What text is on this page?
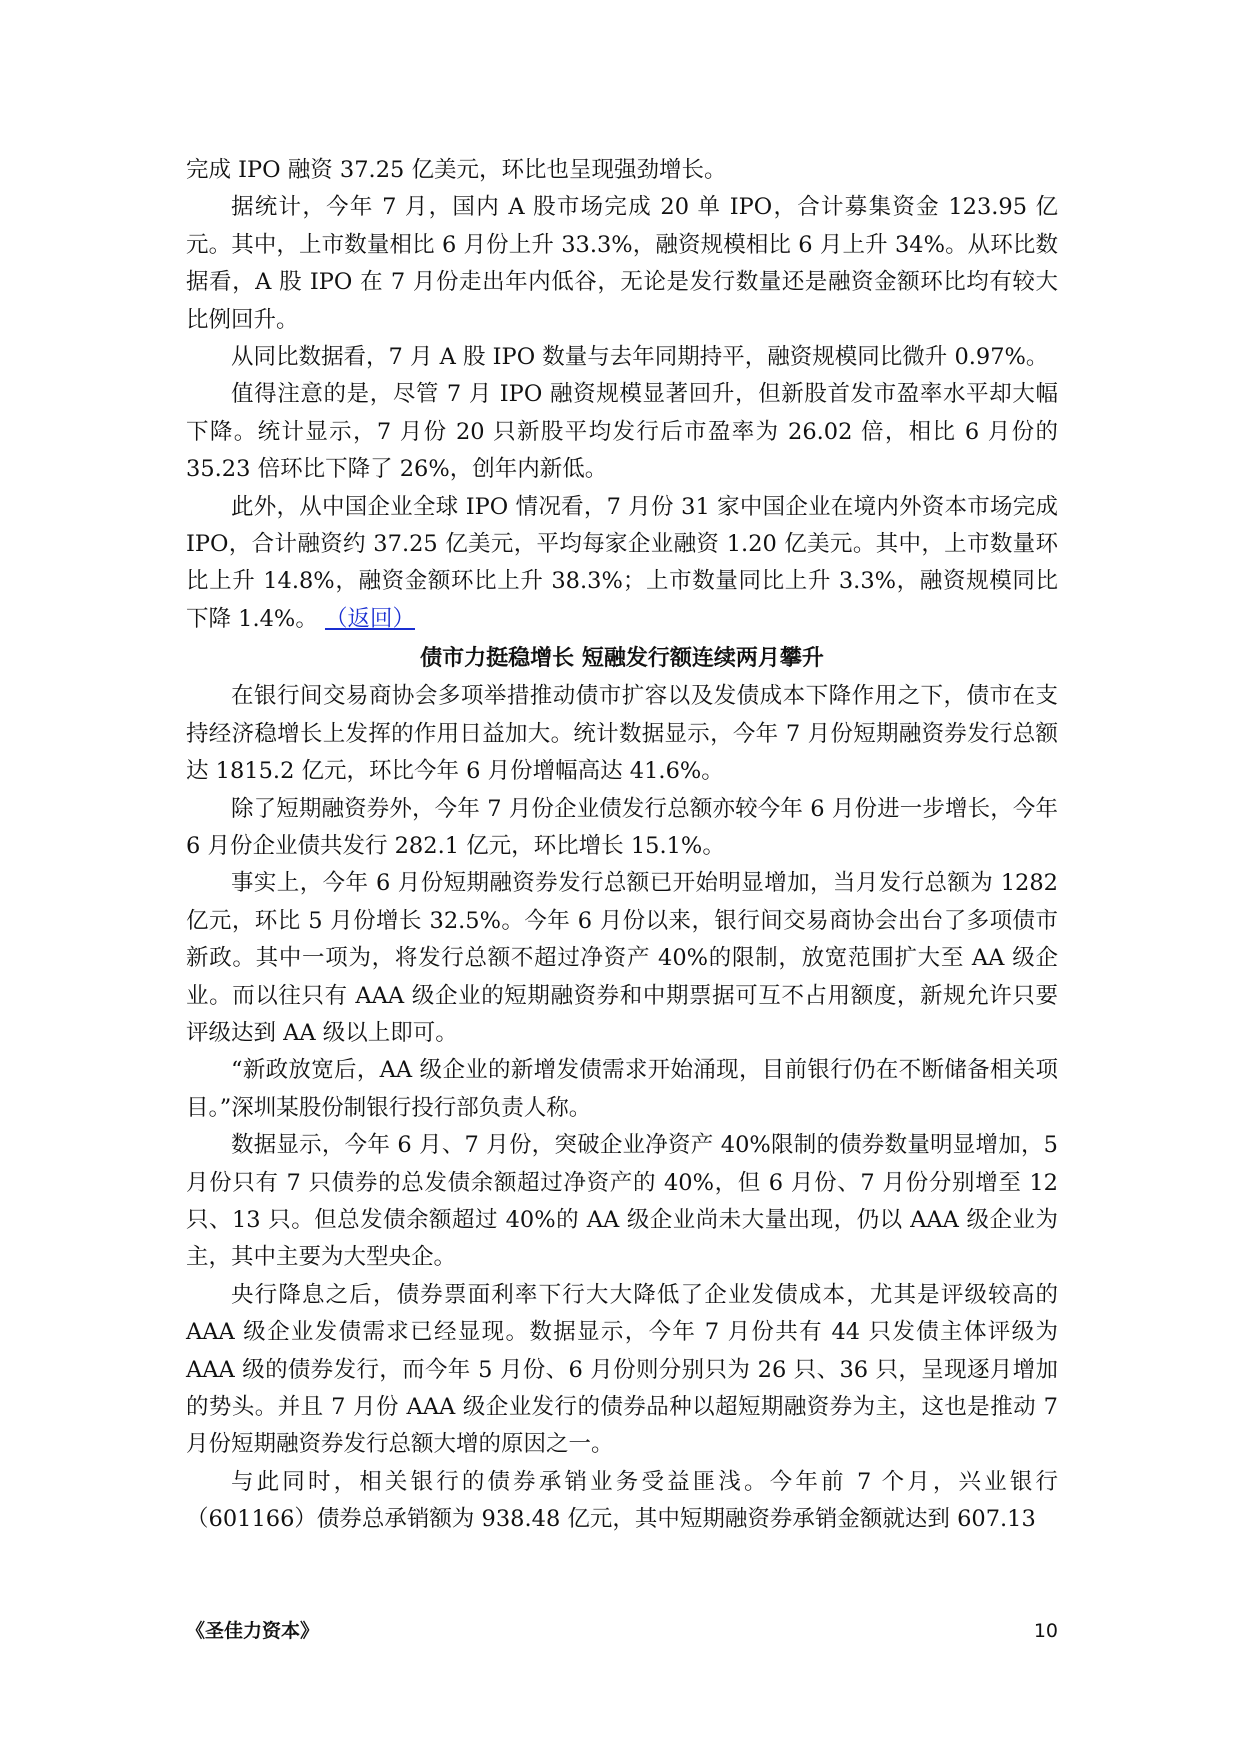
完成 IPO 融资 37.25 亿美元，环比也呈现强劲增长。

据统计，今年 7 月，国内 A 股市场完成 20 单 IPO，合计募集资金 123.95 亿元。其中，上市数量相比 6 月份上升 33.3%，融资规模相比 6 月上升 34%。从环比数据看，A 股 IPO 在 7 月份走出年内低谷，无论是发行数量还是融资金额环比均有较大比例回升。

从同比数据看，7 月 A 股 IPO 数量与去年同期持平，融资规模同比微升 0.97%。

值得注意的是，尽管 7 月 IPO 融资规模显著回升，但新股首发市盈率水平却大幅下降。统计显示，7 月份 20 只新股平均发行后市盈率为 26.02 倍，相比 6 月份的 35.23 倍环比下降了 26%，创年内新低。

此外，从中国企业全球 IPO 情况看，7 月份 31 家中国企业在境内外资本市场完成 IPO，合计融资约 37.25 亿美元，平均每家企业融资 1.20 亿美元。其中，上市数量环比上升 14.8%，融资金额环比上升 38.3%；上市数量同比上升 3.3%，融资规模同比下降 1.4%。 （返回）

债市力挺稳增长 短融发行额连续两月攀升

在银行间交易商协会多项举措推动债市扩容以及发债成本下降作用之下，债市在支持经济稳增长上发挥的作用日益加大。统计数据显示，今年 7 月份短期融资券发行总额达 1815.2 亿元，环比今年 6 月份增幅高达 41.6%。

除了短期融资券外，今年 7 月份企业债发行总额亦较今年 6 月份进一步增长，今年 6 月份企业债共发行 282.1 亿元，环比增长 15.1%。

事实上，今年 6 月份短期融资券发行总额已开始明显增加，当月发行总额为 1282 亿元，环比 5 月份增长 32.5%。今年 6 月份以来，银行间交易商协会出台了多项债市新政。其中一项为，将发行总额不超过净资产 40%的限制，放宽范围扩大至 AA 级企业。而以往只有 AAA 级企业的短期融资券和中期票据可互不占用额度，新规允许只要评级达到 AA 级以上即可。

“新政放宽后，AA 级企业的新增发债需求开始涌现，目前银行仍在不断储备相关项目。”深圳某股份制银行投行部负责人称。

数据显示，今年 6 月、7 月份，突破企业净资产 40%限制的债券数量明显增加，5 月份只有 7 只债券的总发债余额超过净资产的 40%，但 6 月份、7 月份分别增至 12 只、13 只。但总发债余额超过 40%的 AA 级企业尚未大量出现，仍以 AAA 级企业为主，其中主要为大型央企。

央行降息之后，债券票面利率下行大大降低了企业发债成本，尤其是评级较高的 AAA 级企业发债需求已经显现。数据显示，今年 7 月份共有 44 只发债主体评级为 AAA 级的债券发行，而今年 5 月份、6 月份则分别只为 26 只、36 只，呈现逐月增加的势头。并且 7 月份 AAA 级企业发行的债券品种以超短期融资券为主，这也是推动 7 月份短期融资券发行总额大增的原因之一。

与此同时，相关银行的债券承销业务受益匪浅。今年前 7 个月，兴业银行（601166）债券总承销额为 938.48 亿元，其中短期融资券承销金额就达到 607.13

《圣佳力资本》	10
